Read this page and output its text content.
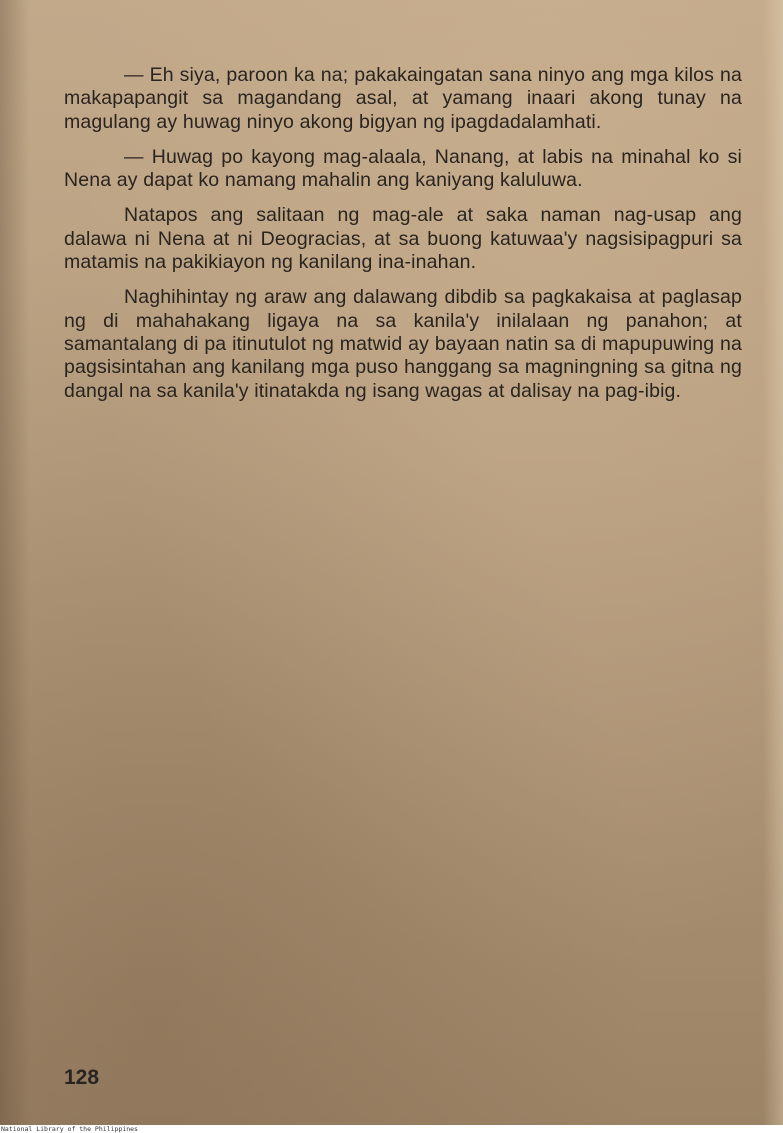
— Eh siya, paroon ka na; pakakaingatan sana ninyo ang mga kilos na makapapangit sa magandang asal, at yamang inaari akong tunay na magulang ay huwag ninyo akong bigyan ng ipagdadalamhati.

— Huwag po kayong mag-alaala, Nanang, at labis na minahal ko si Nena ay dapat ko namang mahalin ang kaniyang kaluluwa.

Natapos ang salitaan ng mag-ale at saka naman nag-usap ang dalawa ni Nena at ni Deogracias, at sa buong katuwaa'y nagsisipagpuri sa matamis na pakikiayon ng kanilang ina-inahan.

Naghihintay ng araw ang dalawang dibdib sa pagkakaisa at paglasap ng di mahahakang ligaya na sa kanila'y inilalaan ng panahon; at samantalang di pa itinutulot ng matwid ay bayaan natin sa di mapupuwing na pagsisintahan ang kanilang mga puso hanggang sa magningning sa gitna ng dangal na sa kanila'y itinatakda ng isang wagas at dalisay na pag-ibig.

128

National Library of the Philippines
